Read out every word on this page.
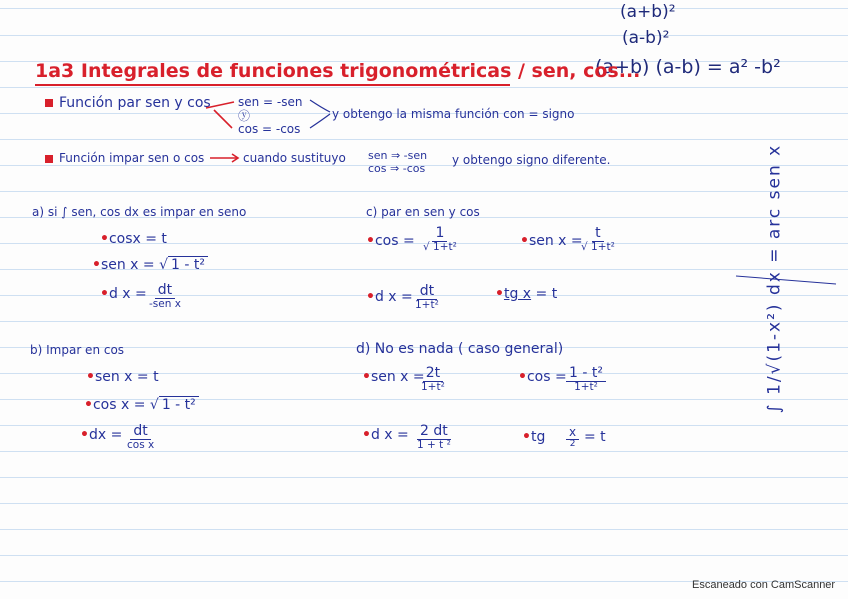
(a+b)²
(a-b)²
(a+b) (a-b) = a² -b²
1a3 Integrales de funciones trigonométricas / sen, cos...
Función par sen y cos sen = -sen
ⓨ
cos = -cos
y obtengo la misma función con = signo
Función impar sen o cos	cuando sustituyo sen ⇒ -sen
cos ⇒ -cos
y obtengo signo diferente.
a) si ∫ sen, cos dx es impar en seno
•cosx = t
•sen x = √ 1 - t²
•d x = dt
-sen x
b) Impar en cos
•sen x = t
•cos x = √ 1 - t²
•dx = dt
cos x
c) par en sen y cos
•cos = 1
√ 1+t²	•sen x = t
√ 1+t²
•d x = dt
1+t²
•tg x = t
d) No es nada ( caso general)
•sen x = 2t
1+t²
•cos = 1 - t²
1+t²
•d x = 2 dt
1 + t ²
•tg x
2 = t
∫ 1/√(1-x²) dx = arc sen x
Escaneado con CamScanner
